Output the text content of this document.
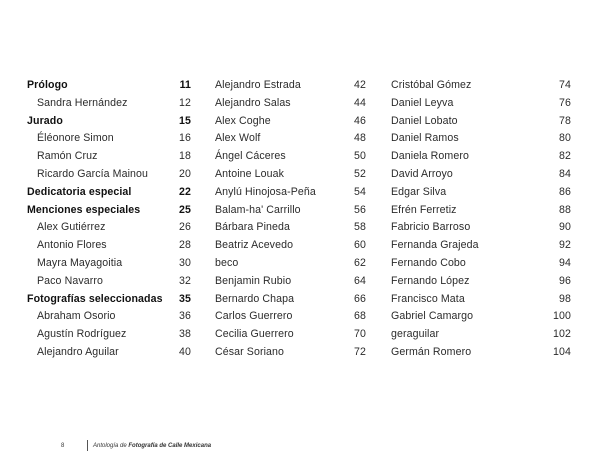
Prólogo	11
Sandra Hernández	12
Jurado	15
Éléonore Simon	16
Ramón Cruz	18
Ricardo García Mainou	20
Dedicatoria especial	22
Menciones especiales	25
Alex Gutiérrez	26
Antonio Flores	28
Mayra Mayagoitia	30
Paco Navarro	32
Fotografías seleccionadas 35
Abraham Osorio	36
Agustín Rodríguez	38
Alejandro Aguilar	40
Alejandro Estrada	42
Alejandro Salas	44
Alex Coghe	46
Alex Wolf	48
Ángel Cáceres	50
Antoine Louak	52
Anylú Hinojosa-Peña	54
Balam-ha' Carrillo	56
Bárbara Pineda	58
Beatriz Acevedo	60
beco	62
Benjamin Rubio	64
Bernardo Chapa	66
Carlos Guerrero	68
Cecilia Guerrero	70
César Soriano	72
Cristóbal Gómez	74
Daniel Leyva	76
Daniel Lobato	78
Daniel Ramos	80
Daniela Romero	82
David Arroyo	84
Edgar Silva	86
Efrén Ferretiz	88
Fabricio Barroso	90
Fernanda Grajeda	92
Fernando Cobo	94
Fernando López	96
Francisco Mata	98
Gabriel Camargo	100
geraguilar	102
Germán Romero	104
8	Antología de Fotografía de Calle Mexicana
